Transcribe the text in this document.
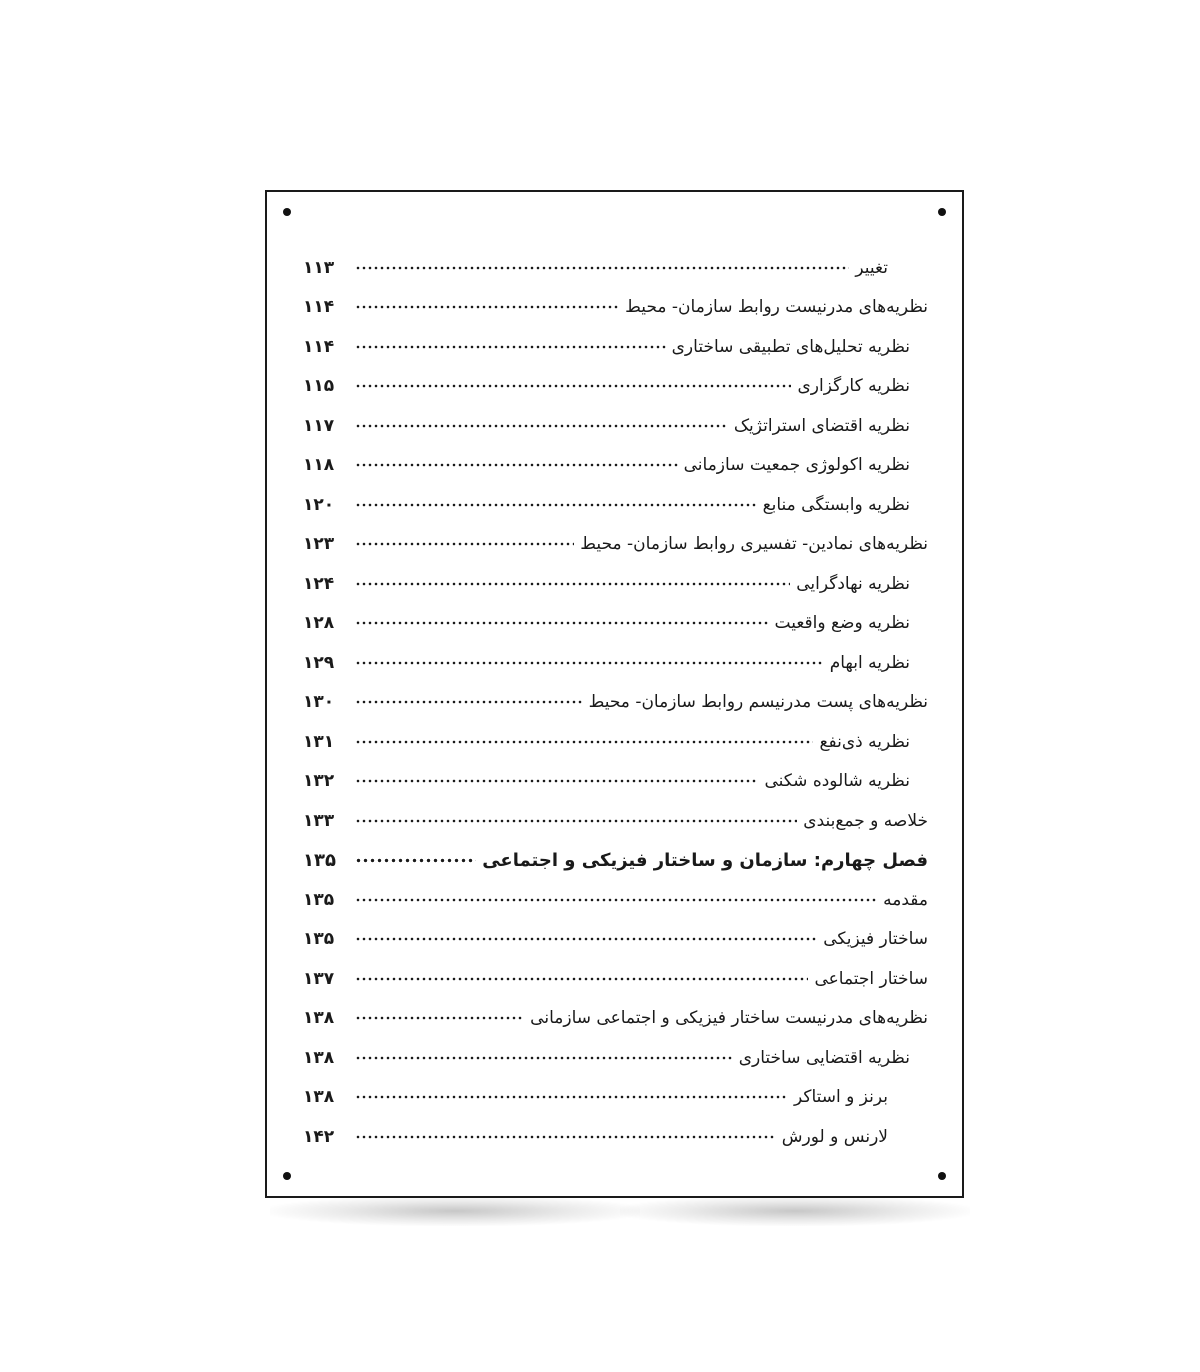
تغییر
۱۱۳
نظریه‌های مدرنیست روابط سازمان- محیط
۱۱۴
نظریه تحلیل‌های تطبیقی ساختاری
۱۱۴
نظریه کارگزاری
۱۱۵
نظریه اقتضای استراتژیک
۱۱۷
نظریه اکولوژی جمعیت سازمانی
۱۱۸
نظریه وابستگی منابع
۱۲۰
نظریه‌های نمادین- تفسیری روابط سازمان- محیط
۱۲۳
نظریه نهادگرایی
۱۲۴
نظریه وضع واقعیت
۱۲۸
نظریه ابهام
۱۲۹
نظریه‌های پست مدرنیسم روابط سازمان- محیط
۱۳۰
نظریه ذی‌نفع
۱۳۱
نظریه شالوده شکنی
۱۳۲
خلاصه و جمع‌بندی
۱۳۳
فصل چهارم: سازمان و ساختار فیزیکی و اجتماعی
۱۳۵
مقدمه
۱۳۵
ساختار فیزیکی
۱۳۵
ساختار اجتماعی
۱۳۷
نظریه‌های مدرنیست ساختار فیزیکی و اجتماعی سازمانی
۱۳۸
نظریه اقتضایی ساختاری
۱۳۸
برنز و استاکر
۱۳۸
لارنس و لورش
۱۴۲
